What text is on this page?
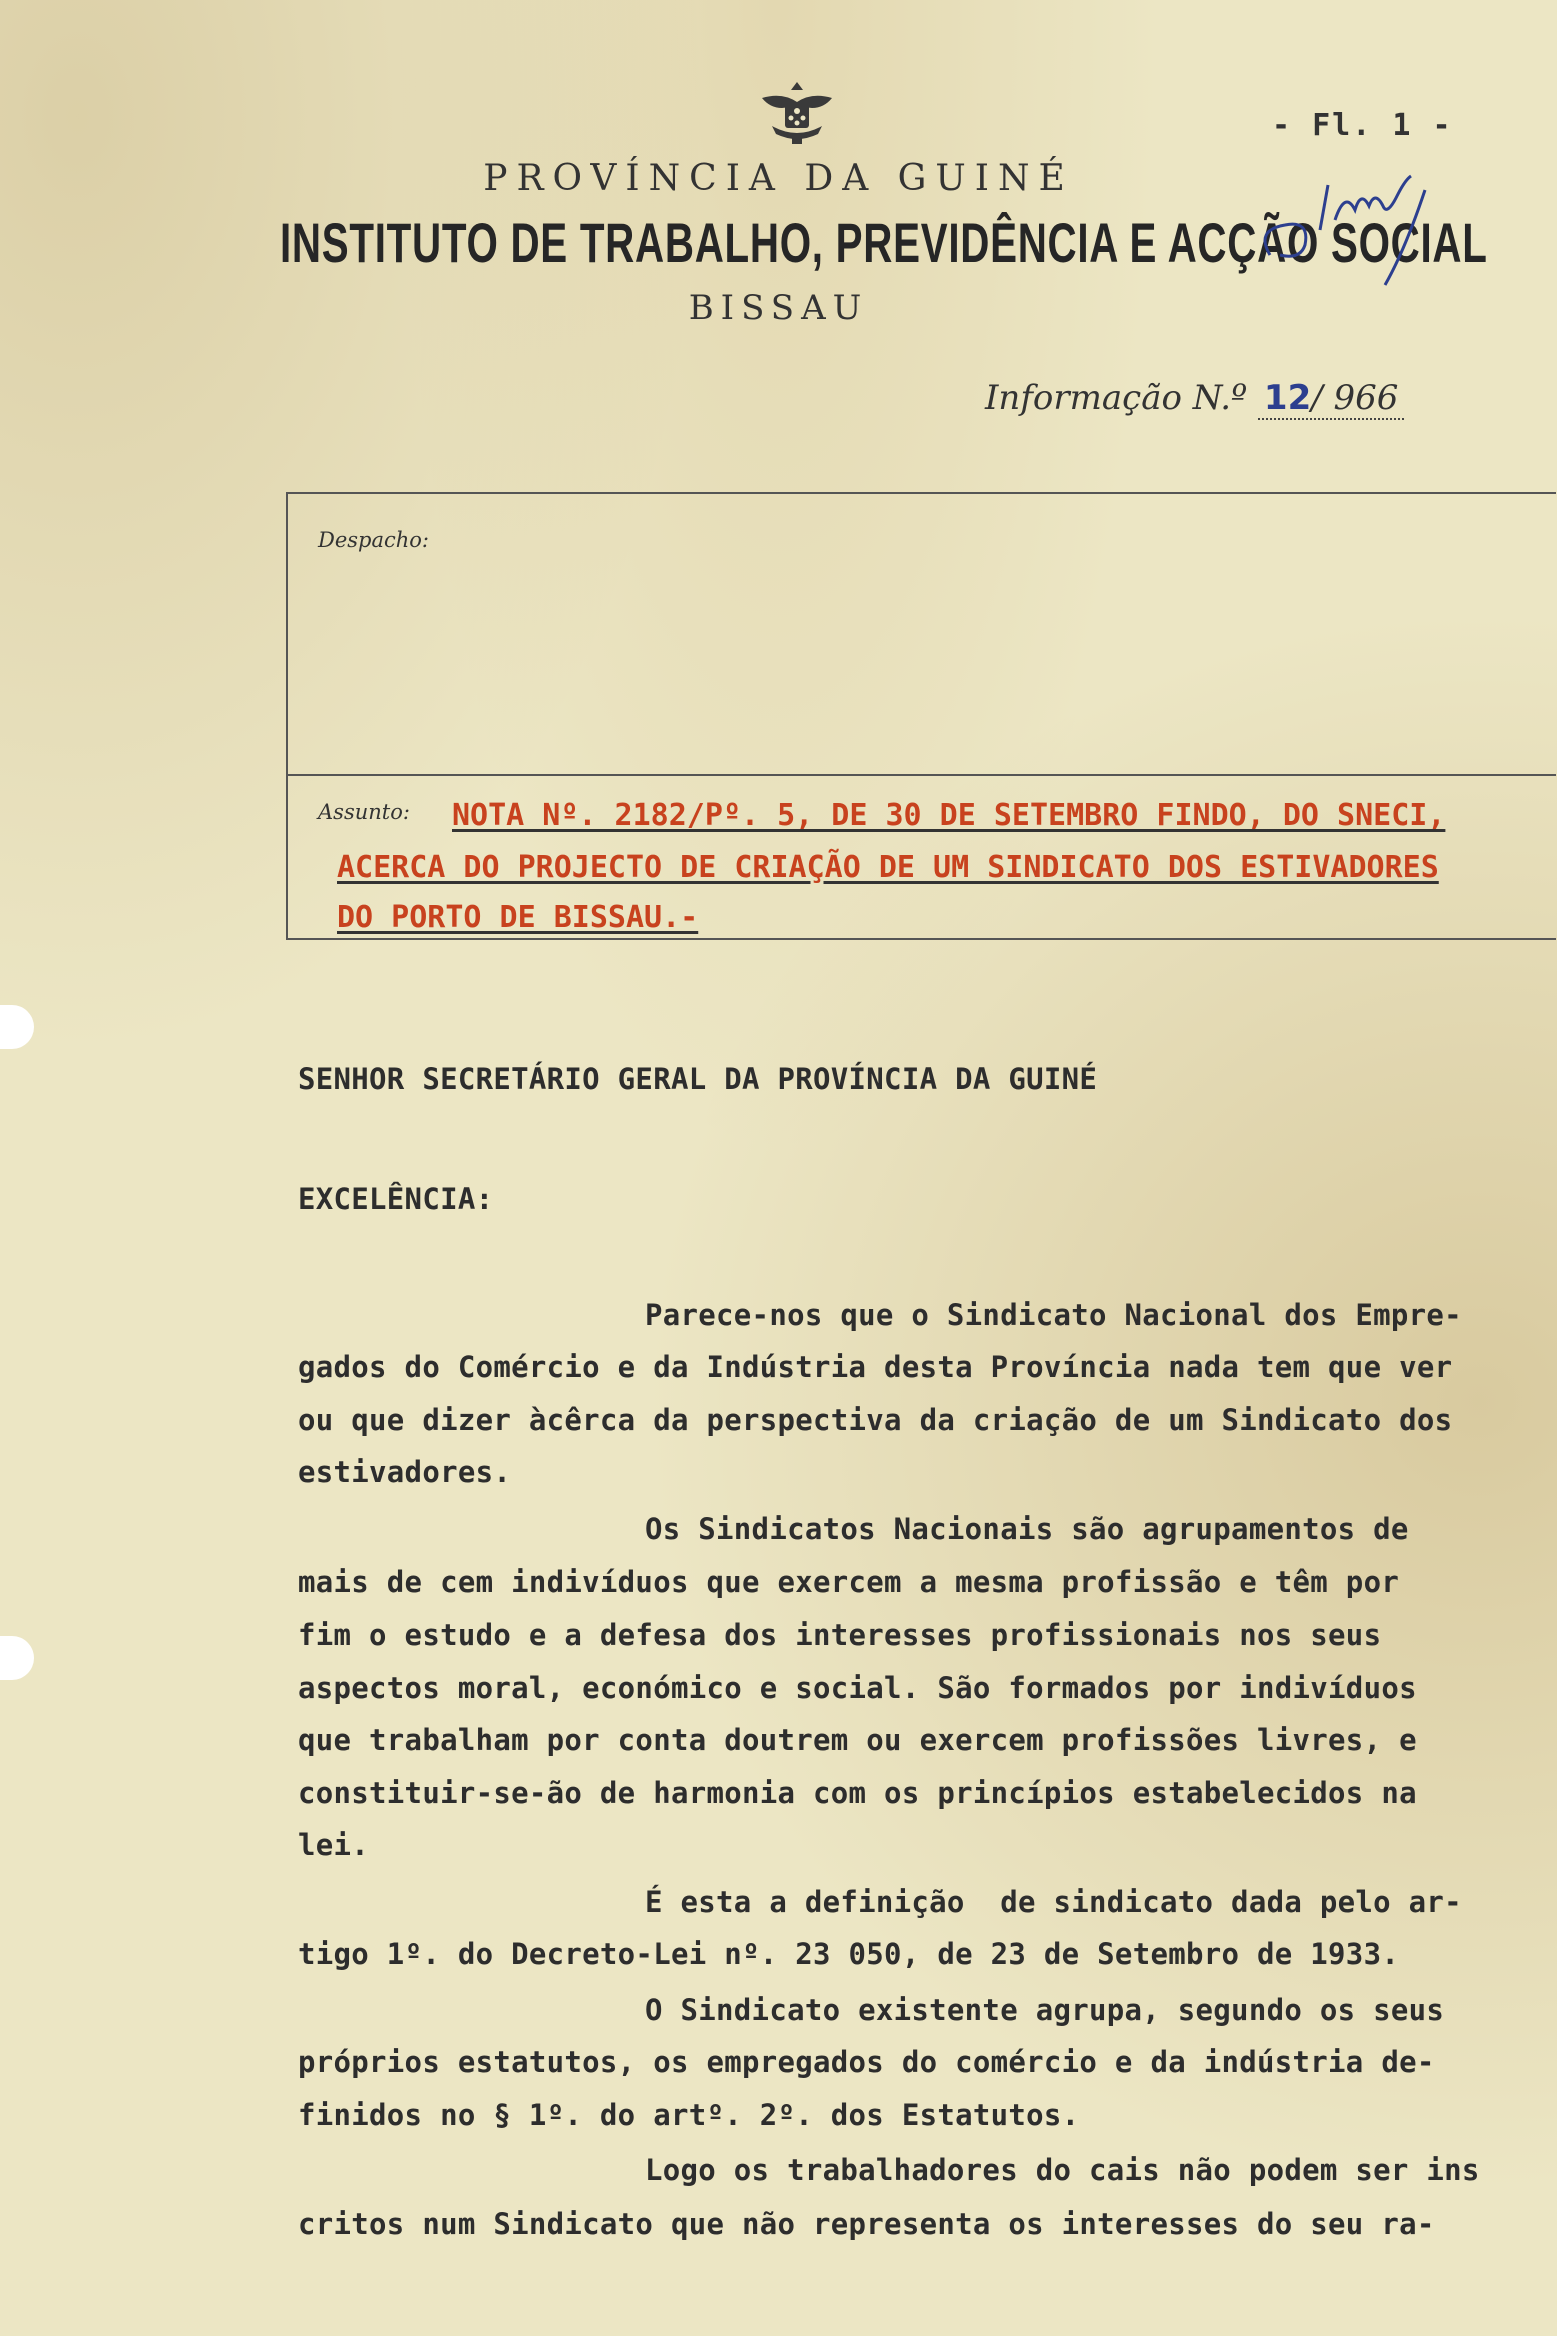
- Fl. 1 -
PROVÍNCIA DA GUINÉ
INSTITUTO DE TRABALHO, PREVIDÊNCIA E ACÇÃO SOCIAL
BISSAU
Informação N.º 12/ 966
Despacho:
Assunto: NOTA Nº. 2182/Pº. 5, DE 30 DE SETEMBRO FINDO, DO SNECI,
ACERCA DO PROJECTO DE CRIAÇÃO DE UM SINDICATO DOS ESTIVADORES
DO PORTO DE BISSAU.-
SENHOR SECRETÁRIO GERAL DA PROVÍNCIA DA GUINÉ
EXCELÊNCIA:
Parece-nos que o Sindicato Nacional dos Empre-
gados do Comércio e da Indústria desta Província nada tem que ver
ou que dizer àcêrca da perspectiva da criação de um Sindicato dos
estivadores.
Os Sindicatos Nacionais são agrupamentos de
mais de cem indivíduos que exercem a mesma profissão e têm por
fim o estudo e a defesa dos interesses profissionais nos seus
aspectos moral, económico e social. São formados por indivíduos
que trabalham por conta doutrem ou exercem profissões livres, e
constituir-se-ão de harmonia com os princípios estabelecidos na
lei.
É esta a definição  de sindicato dada pelo ar-
tigo 1º. do Decreto-Lei nº. 23 050, de 23 de Setembro de 1933.
O Sindicato existente agrupa, segundo os seus
próprios estatutos, os empregados do comércio e da indústria de-
finidos no § 1º. do artº. 2º. dos Estatutos.
Logo os trabalhadores do cais não podem ser ins
critos num Sindicato que não representa os interesses do seu ra-
